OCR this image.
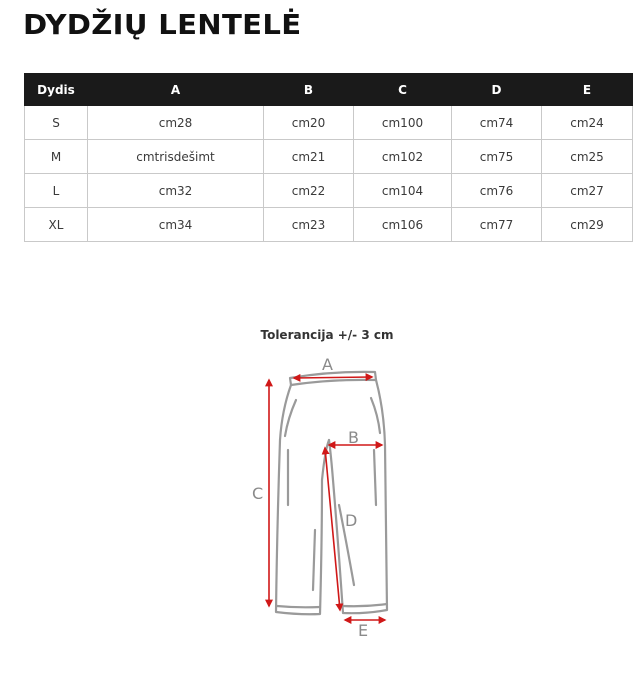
DYDŽIŲ LENTELĖ
Dydis	A	B	C	D	E
S	cm28	cm20	cm100	cm74	cm24
M	cmtrisdešimt	cm21	cm102	cm75	cm25
L	cm32	cm22	cm104	cm76	cm27
XL	cm34	cm23	cm106	cm77	cm29
Tolerancija +/- 3 cm
A
B
C
D
E
